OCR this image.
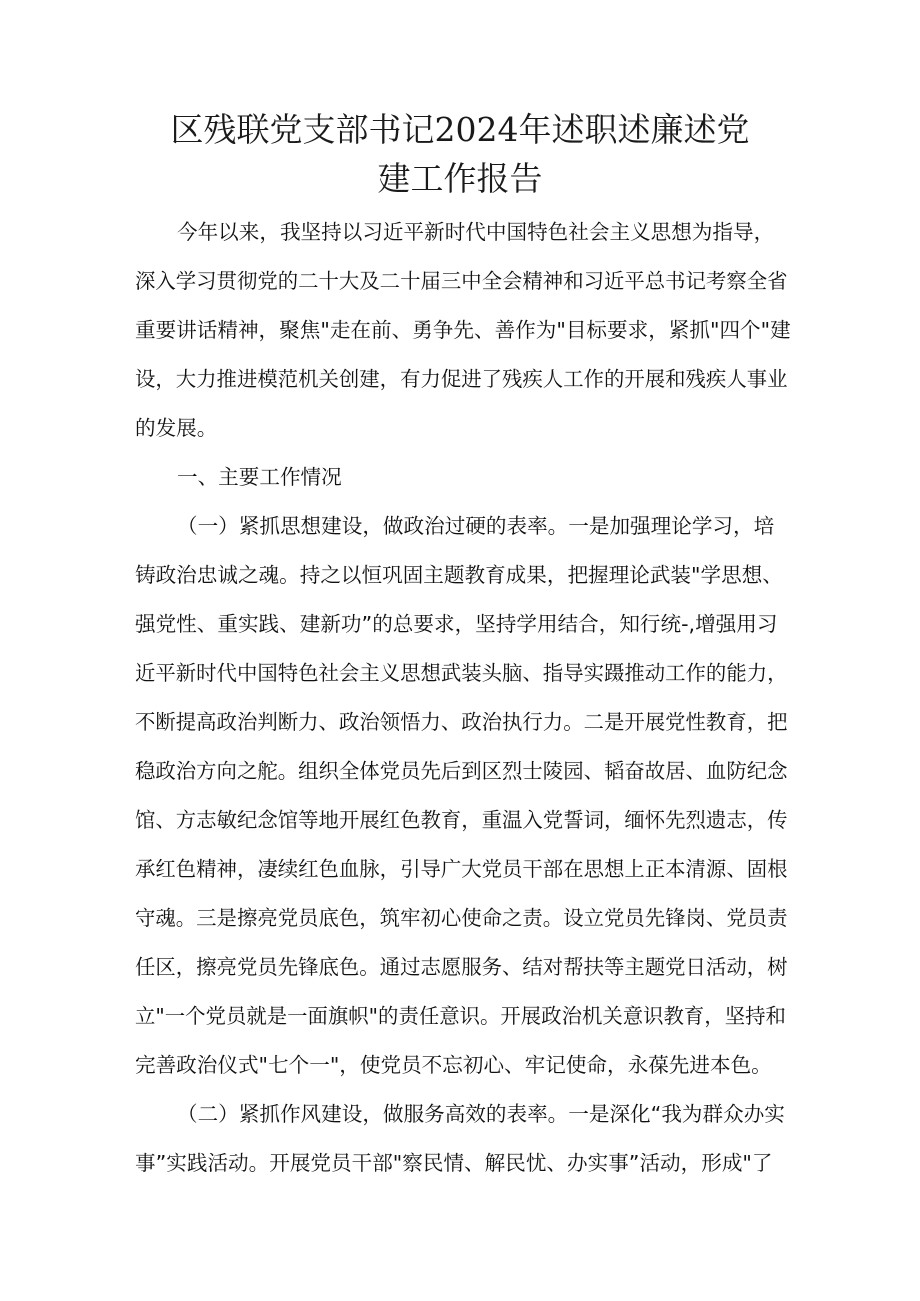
区残联党支部书记2024年述职述廉述党
建工作报告
今年以来，我坚持以习近平新时代中国特色社会主义思想为指导，
深入学习贯彻党的二十大及二十届三中全会精神和习近平总书记考察全省
重要讲话精神，聚焦"走在前、勇争先、善作为"目标要求，紧抓"四个"建
设，大力推进模范机关创建，有力促进了残疾人工作的开展和残疾人事业
的发展。
一、主要工作情况
（一）紧抓思想建设，做政治过硬的表率。一是加强理论学习，培
铸政治忠诚之魂。持之以恒巩固主题教育成果，把握理论武装"学思想、
强党性、重实践、建新功”的总要求，坚持学用结合，知行统-,增强用习
近平新时代中国特色社会主义思想武装头脑、指导实蹑推动工作的能力，
不断提高政治判断力、政治领悟力、政治执行力。二是开展党性教育，把
稳政治方向之舵。组织全体党员先后到区烈士陵园、韬奋故居、血防纪念
馆、方志敏纪念馆等地开展红色教育，重温入党誓词，缅怀先烈遗志，传
承红色精神，凄续红色血脉，引导广大党员干部在思想上正本清源、固根
守魂。三是擦亮党员底色，筑牢初心使命之责。设立党员先锋岗、党员责
任区，擦亮党员先锋底色。通过志愿服务、结对帮扶等主题党日活动，树
立"一个党员就是一面旗帜"的责任意识。开展政治机关意识教育，坚持和
完善政治仪式"七个一"，使党员不忘初心、牢记使命，永葆先进本色。
（二）紧抓作风建设，做服务高效的表率。一是深化“我为群众办实
事”实践活动。开展党员干部"察民情、解民忧、办实事”活动，形成"了
